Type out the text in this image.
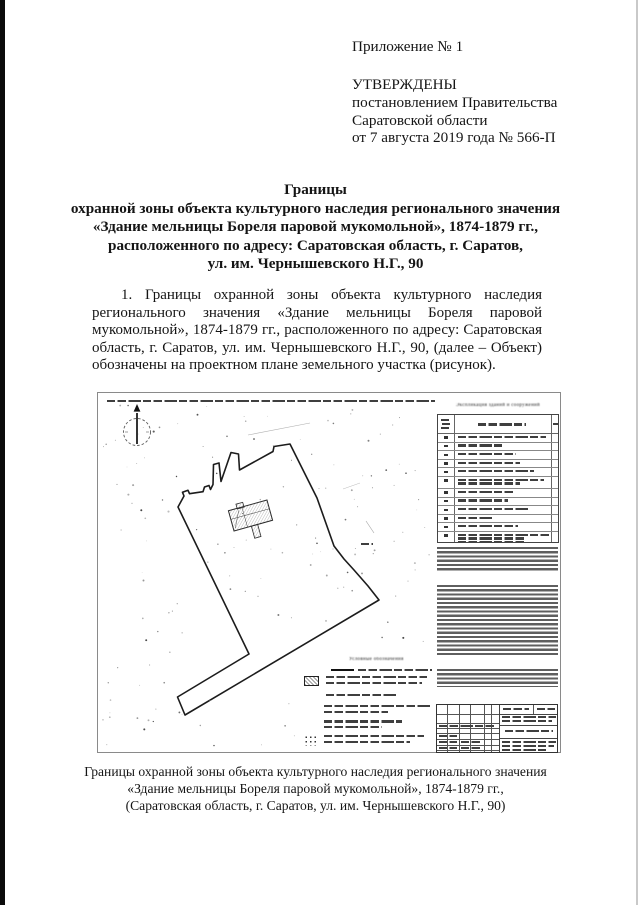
Приложение № 1
УТВЕРЖДЕНЫ
постановлением Правительства
Саратовской области
от 7 августа 2019 года № 566-П
Границы
охранной зоны объекта культурного наследия регионального значения
«Здание мельницы Бореля паровой мукомольной», 1874-1879 гг.,
расположенного по адресу: Саратовская область, г. Саратов,
ул. им. Чернышевского Н.Г., 90
1. Границы охранной зоны объекта культурного наследия регионального значения «Здание мельницы Бореля паровой мукомольной», 1874-1879 гг., расположенного по адресу: Саратовская область, г. Саратов, ул. им. Чернышевского Н.Г., 90, (далее – Объект) обозначены на проектном плане земельного участка (рисунок).
Экспликация зданий и сооружений
Условные обозначения
Границы охранной зоны объекта культурного наследия регионального значения
«Здание мельницы Бореля паровой мукомольной», 1874-1879 гг.,
(Саратовская область, г. Саратов, ул. им. Чернышевского Н.Г., 90)
